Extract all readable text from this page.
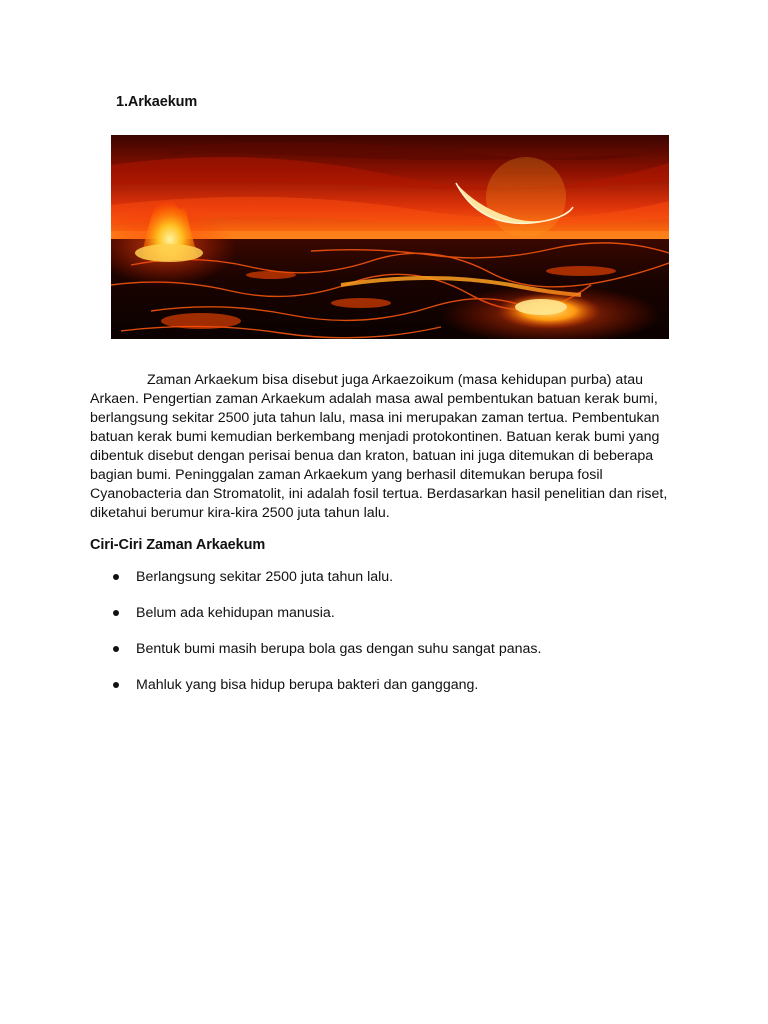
1.Arkaekum

Zaman Arkaekum bisa disebut juga Arkaezoikum (masa kehidupan purba) atau Arkaen. Pengertian zaman Arkaekum adalah masa awal pembentukan batuan kerak bumi, berlangsung sekitar 2500 juta tahun lalu, masa ini merupakan zaman tertua. Pembentukan batuan kerak bumi kemudian berkembang menjadi protokontinen. Batuan kerak bumi yang dibentuk disebut dengan perisai benua dan kraton, batuan ini juga ditemukan di beberapa bagian bumi. Peninggalan zaman Arkaekum yang berhasil ditemukan berupa fosil Cyanobacteria dan Stromatolit, ini adalah fosil tertua. Berdasarkan hasil penelitian dan riset, diketahui berumur kira-kira 2500 juta tahun lalu.

Ciri-Ciri Zaman Arkaekum
Berlangsung sekitar 2500 juta tahun lalu.
Belum ada kehidupan manusia.
Bentuk bumi masih berupa bola gas dengan suhu sangat panas.
Mahluk yang bisa hidup berupa bakteri dan ganggang.
